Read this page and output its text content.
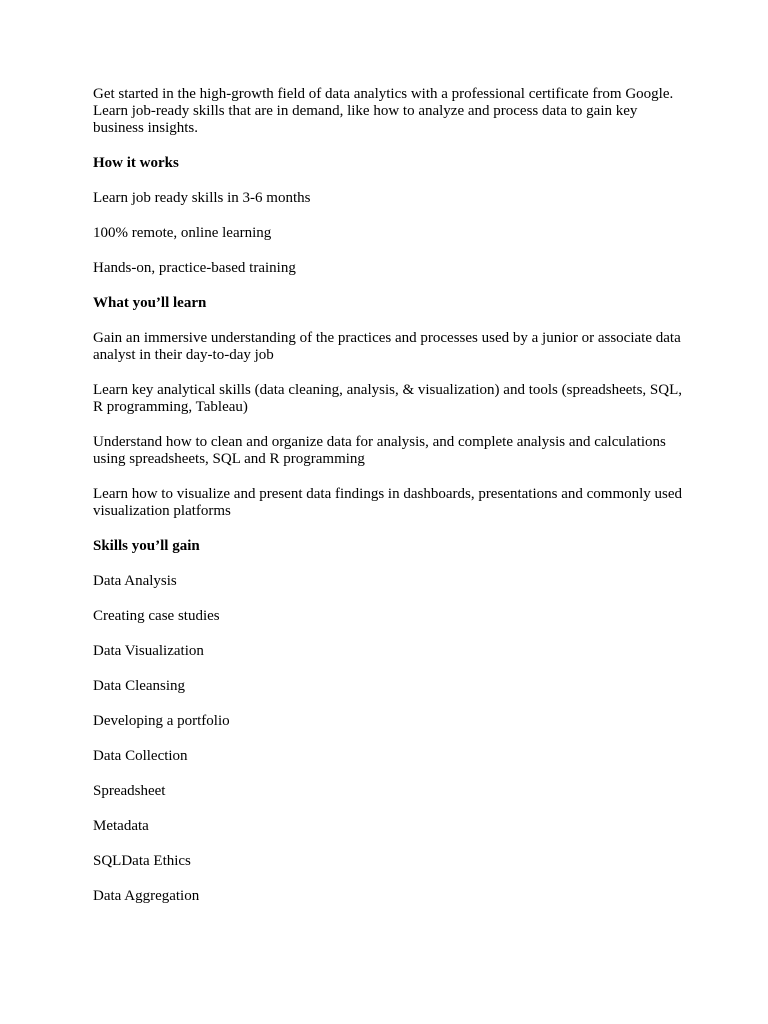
Get started in the high-growth field of data analytics with a professional certificate from Google. Learn job-ready skills that are in demand, like how to analyze and process data to gain key business insights.

How it works

Learn job ready skills in 3-6 months

100% remote, online learning

Hands-on, practice-based training

What you’ll learn

Gain an immersive understanding of the practices and processes used by a junior or associate data analyst in their day-to-day job

Learn key analytical skills (data cleaning, analysis, & visualization) and tools (spreadsheets, SQL, R programming, Tableau)

Understand how to clean and organize data for analysis, and complete analysis and calculations using spreadsheets, SQL and R programming

Learn how to visualize and present data findings in dashboards, presentations and commonly used visualization platforms

Skills you’ll gain

Data Analysis

Creating case studies

Data Visualization

Data Cleansing

Developing a portfolio

Data Collection

Spreadsheet

Metadata

SQLData Ethics

Data Aggregation
